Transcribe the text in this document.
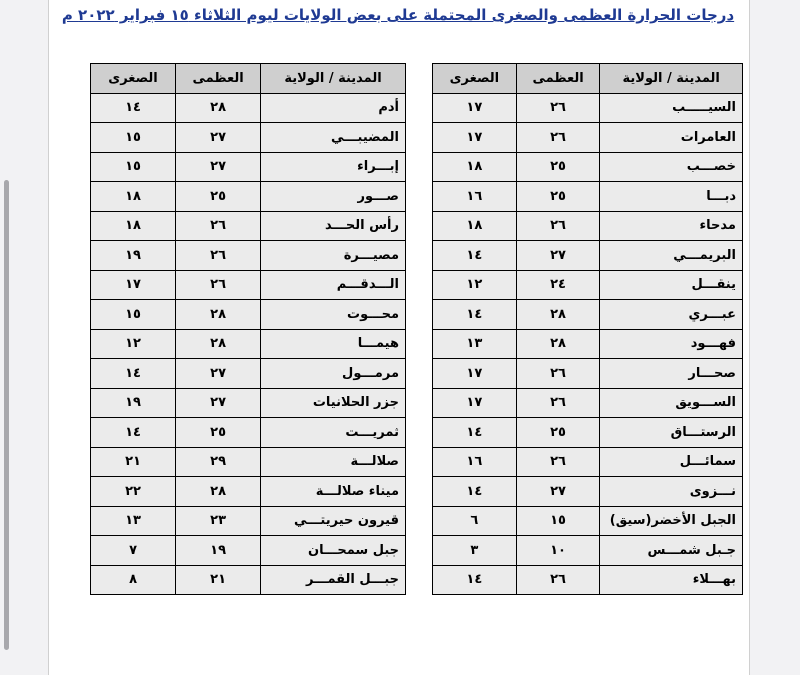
درجات الحرارة العظمى والصغرى المحتملة على بعض الولايات ليوم الثلاثاء ١٥ فبراير ٢٠٢٢ م
المدينة / الولاية	العظمى	الصغرى
السيـــــب	٢٦	١٧
العامرات	٢٦	١٧
خصـــب	٢٥	١٨
دبـــا	٢٥	١٦
مدحاء	٢٦	١٨
البريمـــي	٢٧	١٤
ينقـــل	٢٤	١٢
عبـــري	٢٨	١٤
فهـــود	٢٨	١٣
صحـــار	٢٦	١٧
الســـويق	٢٦	١٧
الرستـــاق	٢٥	١٤
سمائـــل	٢٦	١٦
نـــزوى	٢٧	١٤
الجبل الأخضر(سيق)	١٥	٦
جـبل شمـــس	١٠	٣
بهـــلاء	٢٦	١٤
المدينة / الولاية	العظمى	الصغرى
أدم	٢٨	١٤
المضيبـــي	٢٧	١٥
إبـــراء	٢٧	١٥
صـــور	٢٥	١٨
رأس الحـــد	٢٦	١٨
مصيـــرة	٢٦	١٩
الـــدقـــم	٢٦	١٧
محـــوت	٢٨	١٥
هيمـــا	٢٨	١٢
مرمـــول	٢٧	١٤
جزر الحلانيات	٢٧	١٩
ثمريـــت	٢٥	١٤
صلالـــة	٢٩	٢١
ميناء صلالـــة	٢٨	٢٢
قيرون حيريتـــي	٢٣	١٣
جبل سمحـــان	١٩	٧
جبـــل القمـــر	٢١	٨
